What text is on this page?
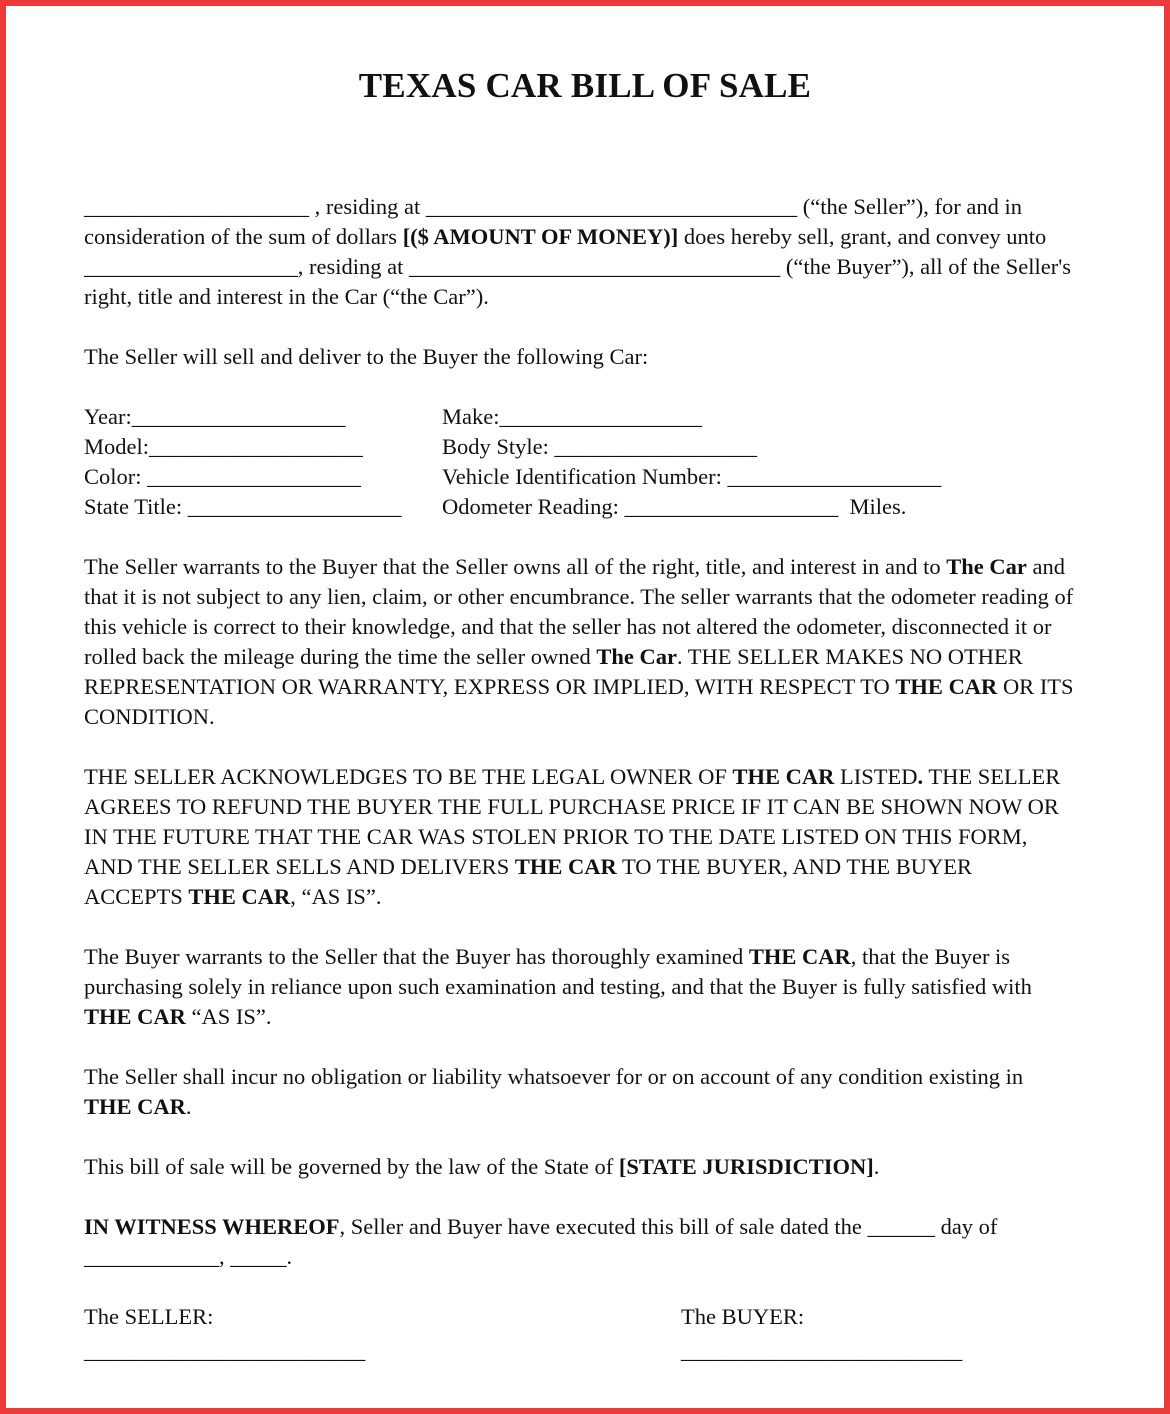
TEXAS CAR BILL OF SALE

____________________ , residing at _________________________________ (“the Seller”), for and in consideration of the sum of dollars [($ AMOUNT OF MONEY)] does hereby sell, grant, and convey unto ___________________, residing at _________________________________ (“the Buyer”), all of the Seller's right, title and interest in the Car (“the Car”).

The Seller will sell and deliver to the Buyer the following Car:

Year:___________________	Make:__________________
Model:___________________	Body Style: __________________
Color: ___________________	Vehicle Identification Number: ___________________
State Title: ___________________	Odometer Reading: ___________________  Miles.

The Seller warrants to the Buyer that the Seller owns all of the right, title, and interest in and to The Car and that it is not subject to any lien, claim, or other encumbrance. The seller warrants that the odometer reading of this vehicle is correct to their knowledge, and that the seller has not altered the odometer, disconnected it or rolled back the mileage during the time the seller owned The Car. THE SELLER MAKES NO OTHER REPRESENTATION OR WARRANTY, EXPRESS OR IMPLIED, WITH RESPECT TO THE CAR OR ITS CONDITION.

THE SELLER ACKNOWLEDGES TO BE THE LEGAL OWNER OF THE CAR LISTED. THE SELLER AGREES TO REFUND THE BUYER THE FULL PURCHASE PRICE IF IT CAN BE SHOWN NOW OR IN THE FUTURE THAT THE CAR WAS STOLEN PRIOR TO THE DATE LISTED ON THIS FORM, AND THE SELLER SELLS AND DELIVERS THE CAR TO THE BUYER, AND THE BUYER ACCEPTS THE CAR, “AS IS”.

The Buyer warrants to the Seller that the Buyer has thoroughly examined THE CAR, that the Buyer is purchasing solely in reliance upon such examination and testing, and that the Buyer is fully satisfied with THE CAR “AS IS”.

The Seller shall incur no obligation or liability whatsoever for or on account of any condition existing in THE CAR.

This bill of sale will be governed by the law of the State of [STATE JURISDICTION].

IN WITNESS WHEREOF, Seller and Buyer have executed this bill of sale dated the ______ day of
____________, _____.

The SELLER:	The BUYER:
_________________________	_________________________
